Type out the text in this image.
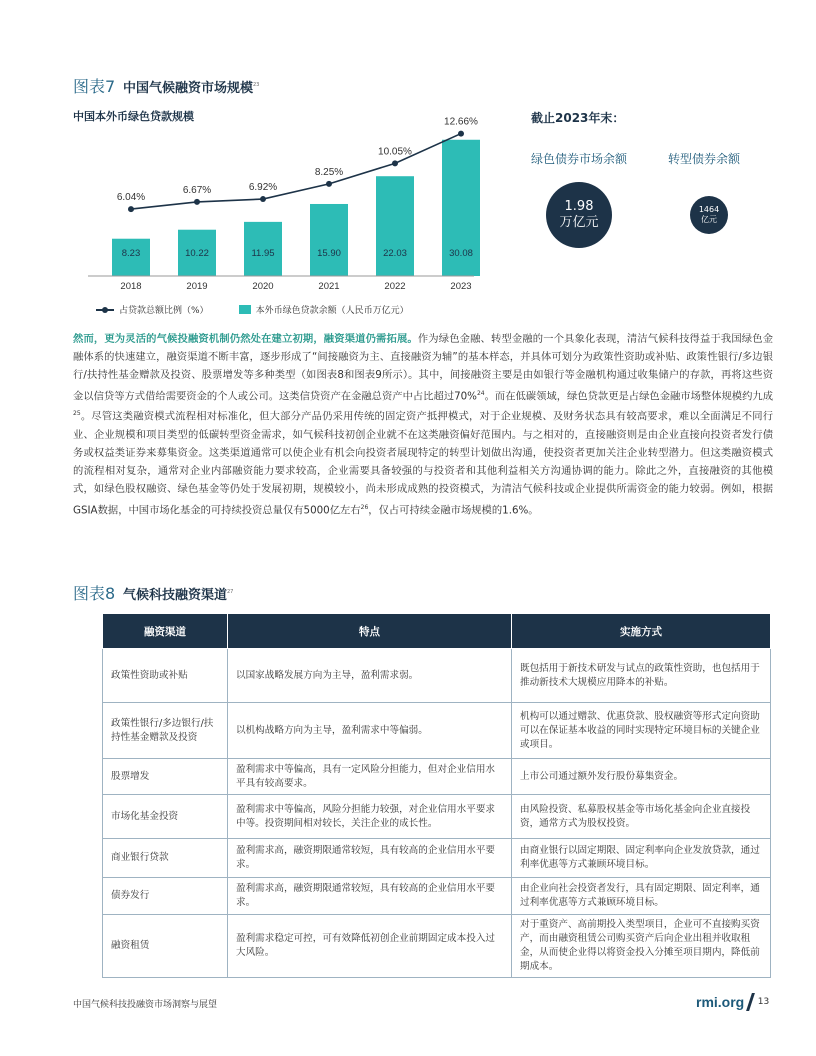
图表7 中国气候融资市场规模$^{23}$
中国本外币绿色贷款规模
8.23
2018
10.22
2019
11.95
2020
15.90
2021
22.03
2022
30.08
2023
6.04%
6.67%	6.92%
8.25%
10.05%
12.66%
占贷款总额比例（%）	本外币绿色贷款余额（人民币万亿元）
截止2023年末：
绿色债券市场余额	转型债券余额
1.98
万亿元
1464
亿元
然而，更为灵活的气候投融资机制仍然处在建立初期，融资渠道仍需拓展。作为绿色金融、转型金融的一个具象化表现，清洁气候科技得益于我国绿色金融体系的快速建立，融资渠道不断丰富，逐步形成了“间接融资为主、直接融资为辅”的基本样态，并具体可划分为政策性资助或补贴、政策性银行/多边银行/扶持性基金赠款及投资、股票增发等多种类型（如图表8和图表9所示）。其中，间接融资主要是由如银行等金融机构通过收集储户的存款，再将这些资金以信贷等方式借给需要资金的个人或公司。这类信贷资产在金融总资产中占比超过70%$^{24}$。而在低碳领域，绿色贷款更是占绿色金融市场整体规模约九成$^{25}$。尽管这类融资模式流程相对标准化，但大部分产品仍采用传统的固定资产抵押模式，对于企业规模、及财务状态具有较高要求，难以全面满足不同行业、企业规模和项目类型的低碳转型资金需求，如气候科技初创企业就不在这类融资偏好范围内。与之相对的，直接融资则是由企业直接向投资者发行债务或权益类证券来募集资金。这类渠道通常可以使企业有机会向投资者展现特定的转型计划做出沟通，使投资者更加关注企业转型潜力。但这类融资模式的流程相对复杂，通常对企业内部融资能力要求较高，企业需要具备较强的与投资者和其他利益相关方沟通协调的能力。除此之外，直接融资的其他模式，如绿色股权融资、绿色基金等仍处于发展初期，规模较小，尚未形成成熟的投资模式，为清洁气候科技或企业提供所需资金的能力较弱。例如，根据GSIA数据，中国市场化基金的可持续投资总量仅有5000亿左右$^{26}$，仅占可持续金融市场规模的1.6%。
图表8 气候科技融资渠道$^{27}$
融资渠道	特点	实施方式
政策性资助或补贴	以国家战略发展方向为主导，盈利需求弱。	既包括用于新技术研发与试点的政策性资助，也包括用于推动新技术大规模应用降本的补贴。
政策性银行/多边银行/扶持性基金赠款及投资	以机构战略方向为主导，盈利需求中等偏弱。	机构可以通过赠款、优惠贷款、股权融资等形式定向资助可以在保证基本收益的同时实现特定环境目标的关键企业或项目。
股票增发	盈利需求中等偏高，具有一定风险分担能力，但对企业信用水平具有较高要求。	上市公司通过额外发行股份募集资金。
市场化基金投资	盈利需求中等偏高，风险分担能力较强，对企业信用水平要求中等。投资期间相对较长，关注企业的成长性。	由风险投资、私募股权基金等市场化基金向企业直接投资，通常方式为股权投资。
商业银行贷款	盈利需求高，融资期限通常较短，具有较高的企业信用水平要求。	由商业银行以固定期限、固定利率向企业发放贷款，通过利率优惠等方式兼顾环境目标。
债券发行	盈利需求高，融资期限通常较短，具有较高的企业信用水平要求。	由企业向社会投资者发行，具有固定期限、固定利率，通过利率优惠等方式兼顾环境目标。
融资租赁	盈利需求稳定可控，可有效降低初创企业前期固定成本投入过大风险。	对于重资产、高前期投入类型项目，企业可不直接购买资产，而由融资租赁公司购买资产后向企业出租并收取租金，从而使企业得以将资金投入分摊至项目期内，降低前期成本。
中国气候科技投融资市场洞察与展望	rmi.org 13
